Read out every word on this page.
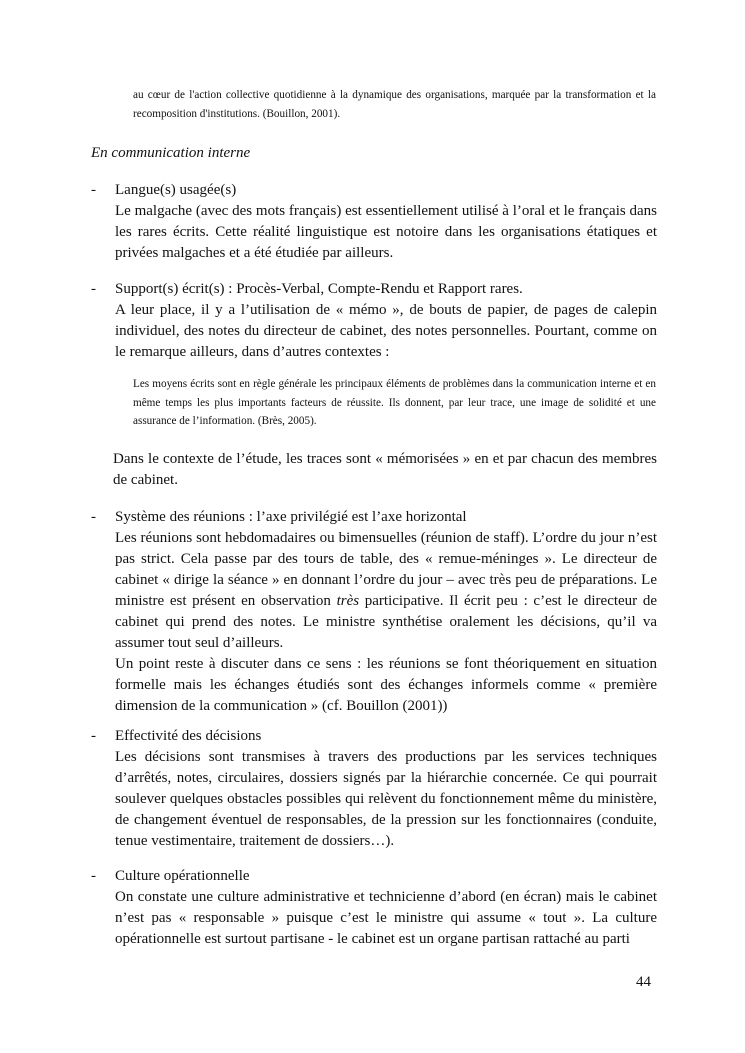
au cœur de l'action collective quotidienne à la dynamique des organisations, marquée par la transformation et la recomposition d'institutions. (Bouillon, 2001).

En communication interne
- Langue(s) usagée(s)

Le malgache (avec des mots français) est essentiellement utilisé à l’oral et le français dans les rares écrits. Cette réalité linguistique est notoire dans les organisations étatiques et privées malgaches et a été étudiée par ailleurs.

- Support(s) écrit(s) : Procès-Verbal, Compte-Rendu et Rapport rares.

A leur place, il y a l’utilisation de « mémo », de bouts de papier, de pages de calepin individuel, des notes du directeur de cabinet, des notes personnelles. Pourtant, comme on le remarque ailleurs, dans d’autres contextes :

Les moyens écrits sont en règle générale les principaux éléments de problèmes dans la communication interne et en même temps les plus importants facteurs de réussite. Ils donnent, par leur trace, une image de solidité et une assurance de l’information. (Brès, 2005).

Dans le contexte de l’étude, les traces sont « mémorisées » en et par chacun des membres de cabinet.

- Système des réunions : l’axe privilégié est l’axe horizontal

Les réunions sont hebdomadaires ou bimensuelles (réunion de staff). L’ordre du jour n’est pas strict. Cela passe par des tours de table, des « remue-méninges ». Le directeur de cabinet « dirige la séance » en donnant l’ordre du jour – avec très peu de préparations. Le ministre est présent en observation très participative. Il écrit peu : c’est le directeur de cabinet qui prend des notes. Le ministre synthétise oralement les décisions, qu’il va assumer tout seul d’ailleurs.

Un point reste à discuter dans ce sens : les réunions se font théoriquement en situation formelle mais les échanges étudiés sont des échanges informels comme « première dimension de la communication » (cf. Bouillon (2001))

- Effectivité des décisions

Les décisions sont transmises à travers des productions par les services techniques d’arrêtés, notes, circulaires, dossiers signés par la hiérarchie concernée. Ce qui pourrait soulever quelques obstacles possibles qui relèvent du fonctionnement même du ministère, de changement éventuel de responsables, de la pression sur les fonctionnaires (conduite, tenue vestimentaire, traitement de dossiers…).

- Culture opérationnelle

On constate une culture administrative et technicienne d’abord (en écran) mais le cabinet n’est pas « responsable » puisque c’est le ministre qui assume « tout ». La culture opérationnelle est surtout partisane - le cabinet est un organe partisan rattaché au parti

44
